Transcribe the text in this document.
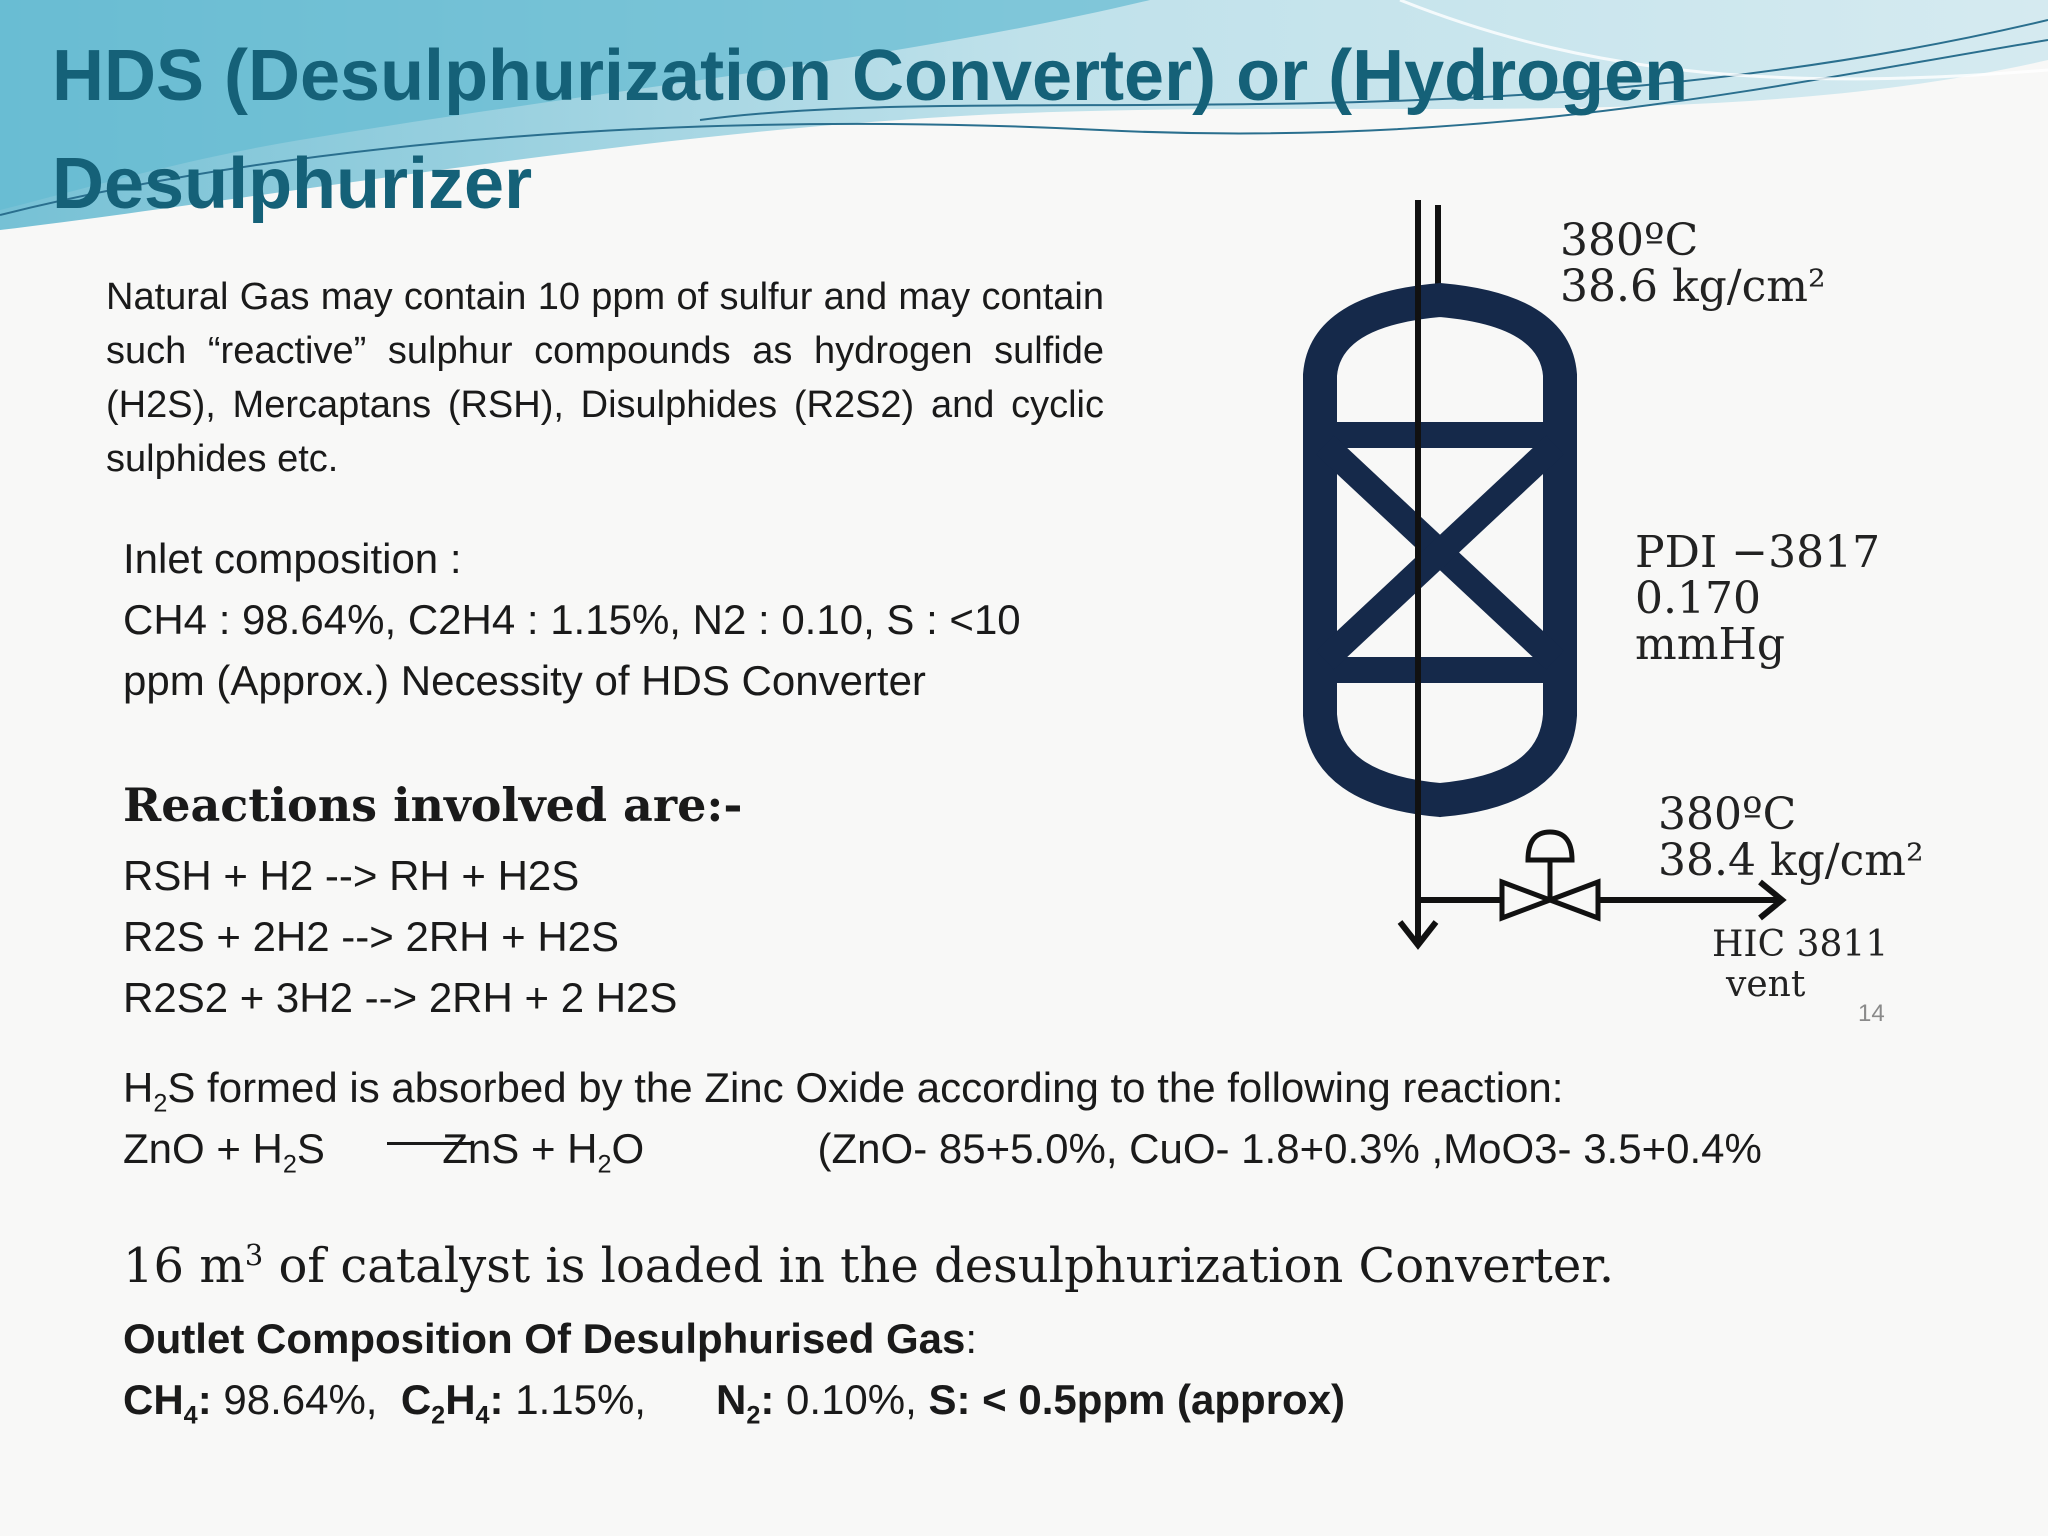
HDS (Desulphurization Converter) or (Hydrogen Desulphurizer

Natural Gas may contain 10 ppm of sulfur and may contain such “reactive” sulphur compounds as hydrogen sulfide (H2S), Mercaptans (RSH), Disulphides (R2S2) and cyclic sulphides etc.

Inlet composition :
CH4 : 98.64%, C2H4 : 1.15%, N2 : 0.10, S : <10 ppm (Approx.) Necessity of HDS Converter
Reactions involved are:-
RSH + H2 --> RH + H2S
R2S + 2H2 --> 2RH + H2S
R2S2 + 3H2 --> 2RH + 2 H2S
$H_2S$ formed is absorbed by the Zinc Oxide according to the following reaction:
ZnO + $H_2S$	ZnS + $H_2O$	(ZnO- 85+5.0%, CuO- 1.8+0.3% ,MoO3- 3.5+0.4%

16 $m^3$ of catalyst is loaded in the desulphurization Converter.

Outlet Composition Of Desulphurised Gas:
$CH_4$: 98.64%, $C_2H_4$: 1.15%, $N_2$: 0.10%, S: < 0.5ppm (approx)
380ºC
38.6 kg/cm²
PDI −3817
0.170
mmHg
380ºC
38.4 kg/cm²
HIC 3811
vent
14
